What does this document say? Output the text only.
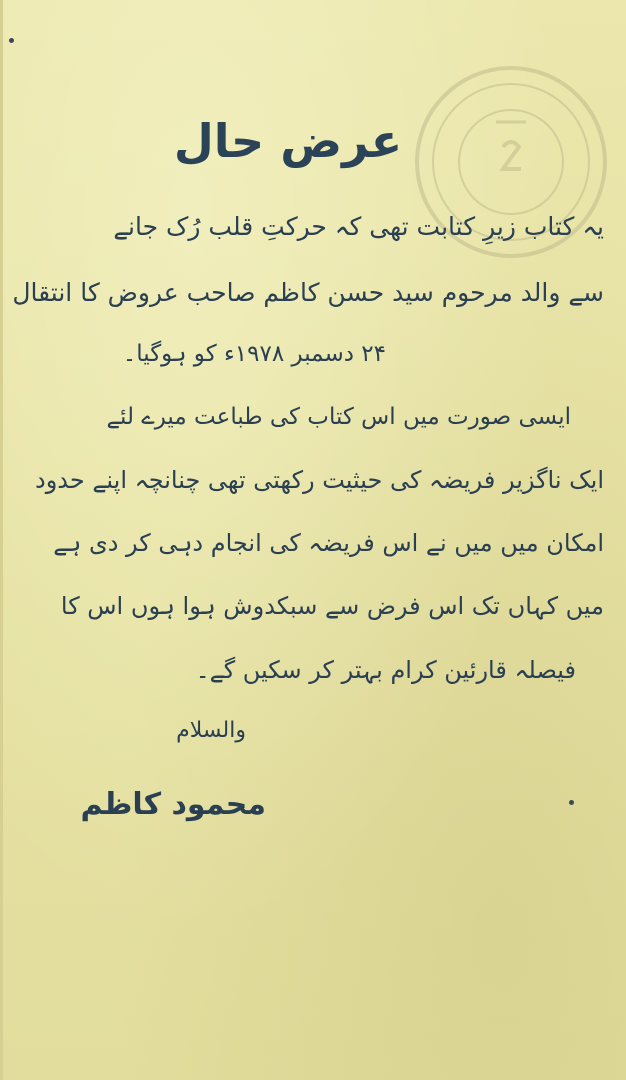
عرض حال
یہ کتاب زیرِ کتابت تھی کہ حرکتِ قلب رُک جانے
سے والد مرحوم سید حسن کاظم صاحب عروض کا انتقال
۲۴ دسمبر ۱۹۷۸ء کو ہوگیا۔
ایسی صورت میں اس کتاب کی طباعت میرے لئے
ایک ناگزیر فریضہ کی حیثیت رکھتی تھی چنانچہ اپنے حدود
امکان میں میں نے اس فریضہ کی انجام دہی کر دی ہے
میں کہاں تک اس فرض سے سبکدوش ہوا ہوں اس کا
فیصلہ قارئین کرام بہتر کر سکیں گے۔
والسلام
محمود کاظم
